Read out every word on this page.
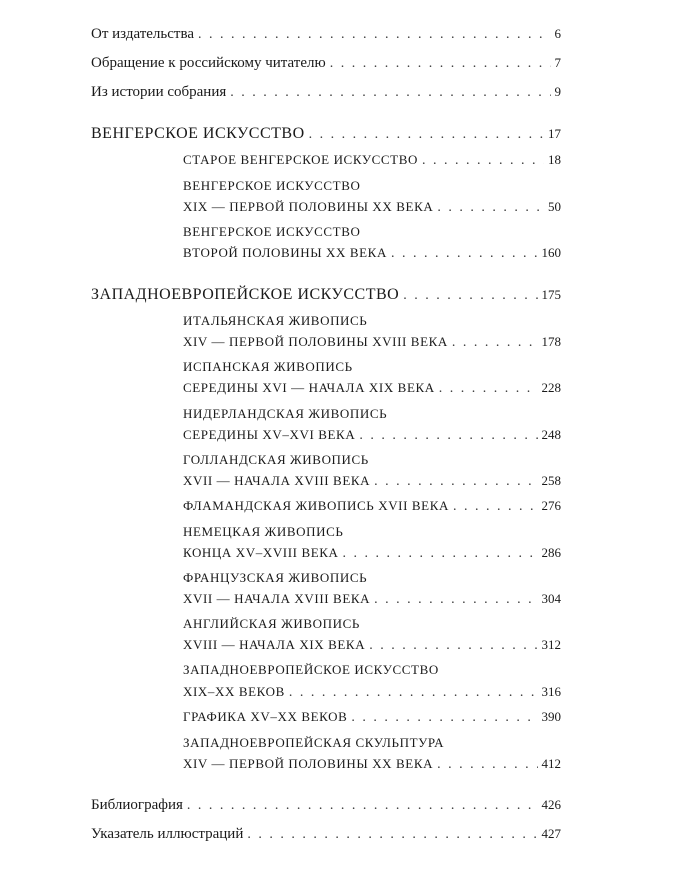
От издательства . . .	6
Обращение к российскому читателю . . .	7
Из истории собрания . . .	9
ВЕНГЕРСКОЕ ИСКУССТВО . . .	17
СТАРОЕ ВЕНГЕРСКОЕ ИСКУССТВО . . .	18
ВЕНГЕРСКОЕ ИСКУССТВО
XIX — ПЕРВОЙ ПОЛОВИНЫ XX ВЕКА . . .	50
ВЕНГЕРСКОЕ ИСКУССТВО
ВТОРОЙ ПОЛОВИНЫ XX ВЕКА . . .	160
ЗАПАДНОЕВРОПЕЙСКОЕ ИСКУССТВО . . .	175
ИТАЛЬЯНСКАЯ ЖИВОПИСЬ
XIV — ПЕРВОЙ ПОЛОВИНЫ XVIII ВЕКА . . .	178
ИСПАНСКАЯ ЖИВОПИСЬ
СЕРЕДИНЫ XVI — НАЧАЛА XIX ВЕКА . . .	228
НИДЕРЛАНДСКАЯ ЖИВОПИСЬ
СЕРЕДИНЫ XV–XVI ВЕКА . . .	248
ГОЛЛАНДСКАЯ ЖИВОПИСЬ
XVII — НАЧАЛА XVIII ВЕКА . . .	258
ФЛАМАНДСКАЯ ЖИВОПИСЬ XVII ВЕКА . . .	276
НЕМЕЦКАЯ ЖИВОПИСЬ
КОНЦА XV–XVIII ВЕКА . . .	286
ФРАНЦУЗСКАЯ ЖИВОПИСЬ
XVII — НАЧАЛА XVIII ВЕКА . . .	304
АНГЛИЙСКАЯ ЖИВОПИСЬ
XVIII — НАЧАЛА XIX ВЕКА . . .	312
ЗАПАДНОЕВРОПЕЙСКОЕ ИСКУССТВО
XIX–XX ВЕКОВ . . .	316
ГРАФИКА XV–XX ВЕКОВ . . .	390
ЗАПАДНОЕВРОПЕЙСКАЯ СКУЛЬПТУРА
XIV — ПЕРВОЙ ПОЛОВИНЫ XX ВЕКА . . .	412
Библиография . . .	426
Указатель иллюстраций . . .	427
